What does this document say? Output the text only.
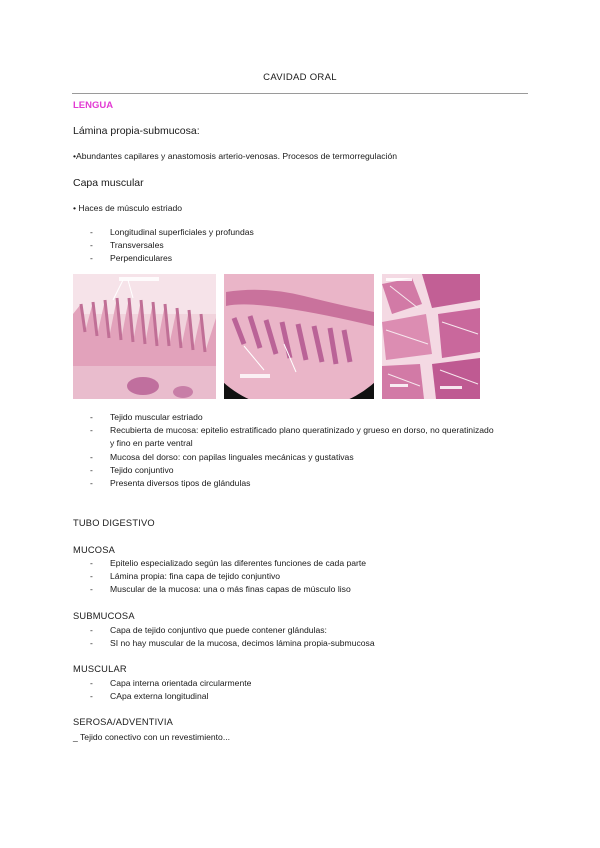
CAVIDAD ORAL
LENGUA
Lámina propia-submucosa:
•Abundantes capilares y anastomosis arterio-venosas. Procesos de termorregulación
Capa muscular
• Haces de músculo estriado
- Longitudinal superficiales y profundas
- Transversales
- Perpendiculares
- Tejido muscular estriado
- Recubierta de mucosa: epitelio estratificado plano queratinizado y grueso en dorso, no queratinizado y fino en parte ventral
- Mucosa del dorso: con papilas linguales mecánicas y gustativas
- Tejido conjuntivo
- Presenta diversos tipos de glándulas
TUBO DIGESTIVO
MUCOSA
- Epitelio especializado según las diferentes funciones de cada parte
- Lámina propia: fina capa de tejido conjuntivo
- Muscular de la mucosa: una o más finas capas de músculo liso
SUBMUCOSA
- Capa de tejido conjuntivo que puede contener glándulas:
- SI no hay muscular de la mucosa, decimos lámina propia-submucosa
MUSCULAR
- Capa interna orientada circularmente
- CApa externa longitudinal
SEROSA/ADVENTIVIA
_ Tejido conectivo con un revestimiento...
